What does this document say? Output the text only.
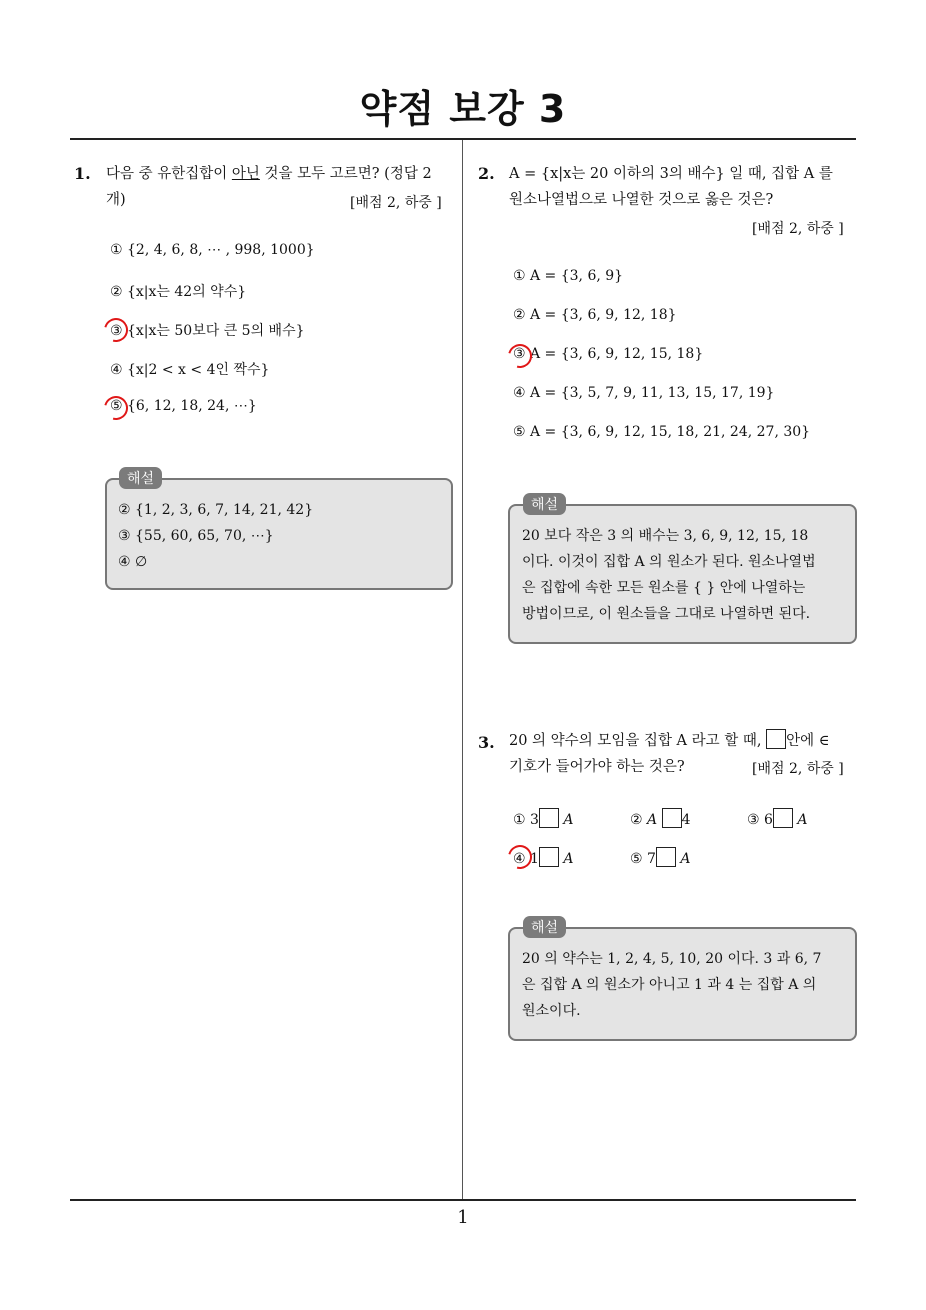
약점 보강 3
1. 다음 중 유한집합이 아닌 것을 모두 고르면? (정답 2
개)	[배점 2, 하중 ]
① {2, 4, 6, 8, ⋯ , 998, 1000}
② {x|x는 42의 약수}
③ {x|x는 50보다 큰 5의 배수}
④ {x|2 < x < 4인 짝수}
⑤ {6, 12, 18, 24, ⋯}
해설
② {1, 2, 3, 6, 7, 14, 21, 42}
③ {55, 60, 65, 70, ⋯}
④ ∅
2. A = {x|x는 20 이하의 3의 배수} 일 때, 집합 A 를
원소나열법으로 나열한 것으로 옳은 것은?
[배점 2, 하중 ]
① A = {3, 6, 9}
② A = {3, 6, 9, 12, 18}
③ A = {3, 6, 9, 12, 15, 18}
④ A = {3, 5, 7, 9, 11, 13, 15, 17, 19}
⑤ A = {3, 6, 9, 12, 15, 18, 21, 24, 27, 30}
해설
20 보다 작은 3 의 배수는 3, 6, 9, 12, 15, 18
이다. 이것이 집합 A 의 원소가 된다. 원소나열법
은 집합에 속한 모든 원소를 { } 안에 나열하는
방법이므로, 이 원소들을 그대로 나열하면 된다.
3. 20 의 약수의 모임을 집합 A 라고 할 때, 안에 ∈
기호가 들어가야 하는 것은?	[배점 2, 하중 ]
① 3 A	② A 4	③ 6 A
④ 1 A	⑤ 7 A
해설
20 의 약수는 1, 2, 4, 5, 10, 20 이다. 3 과 6, 7
은 집합 A 의 원소가 아니고 1 과 4 는 집합 A 의
원소이다.
1
